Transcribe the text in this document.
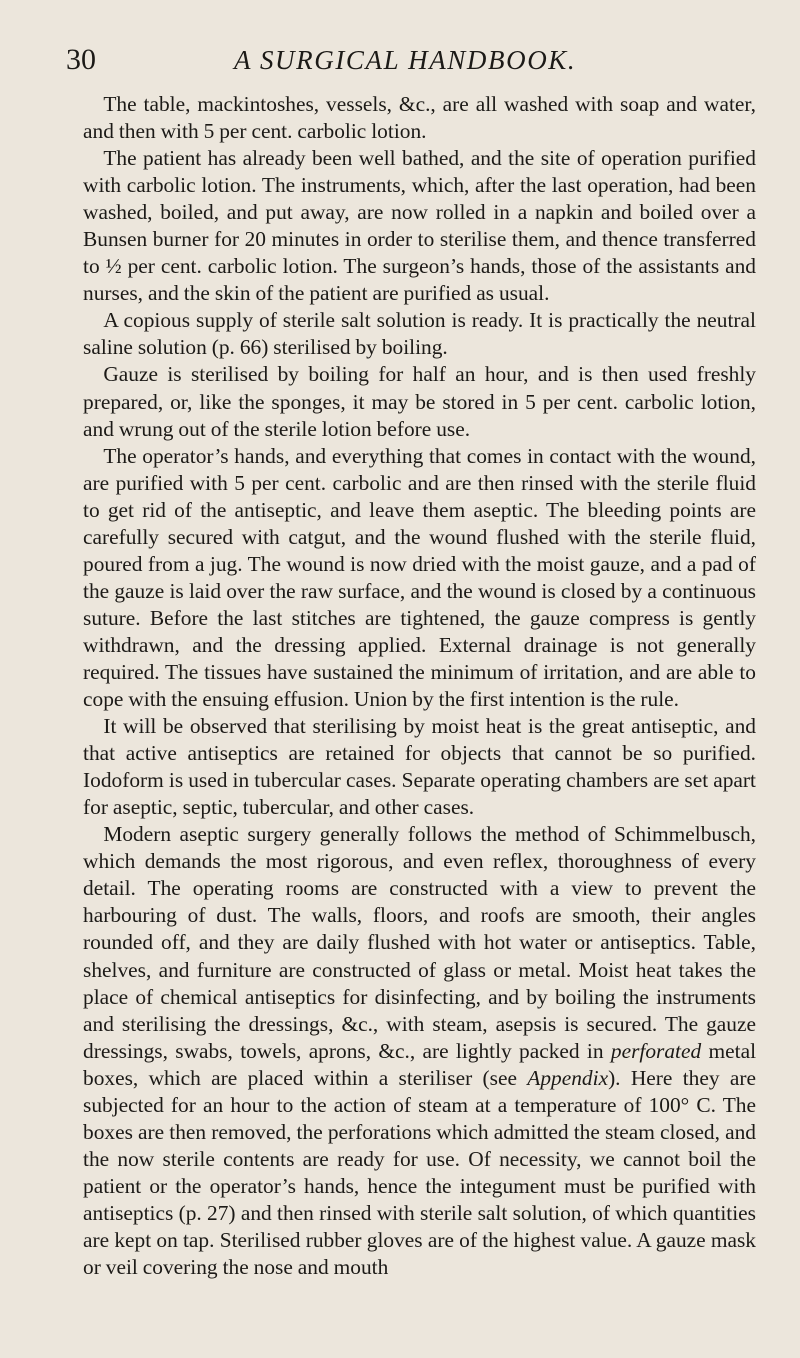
30	A SURGICAL HANDBOOK.

The table, mackintoshes, vessels, &c., are all washed with soap and water, and then with 5 per cent. carbolic lotion.

The patient has already been well bathed, and the site of operation purified with carbolic lotion. The instruments, which, after the last operation, had been washed, boiled, and put away, are now rolled in a napkin and boiled over a Bunsen burner for 20 minutes in order to sterilise them, and thence transferred to ½ per cent. carbolic lotion. The surgeon’s hands, those of the assistants and nurses, and the skin of the patient are purified as usual.

A copious supply of sterile salt solution is ready. It is practically the neutral saline solution (p. 66) sterilised by boiling.

Gauze is sterilised by boiling for half an hour, and is then used freshly prepared, or, like the sponges, it may be stored in 5 per cent. carbolic lotion, and wrung out of the sterile lotion before use.

The operator’s hands, and everything that comes in contact with the wound, are purified with 5 per cent. carbolic and are then rinsed with the sterile fluid to get rid of the antiseptic, and leave them aseptic. The bleeding points are carefully secured with catgut, and the wound flushed with the sterile fluid, poured from a jug. The wound is now dried with the moist gauze, and a pad of the gauze is laid over the raw surface, and the wound is closed by a continuous suture. Before the last stitches are tightened, the gauze compress is gently withdrawn, and the dressing applied. External drainage is not generally required. The tissues have sustained the minimum of irritation, and are able to cope with the ensuing effusion. Union by the first intention is the rule.

It will be observed that sterilising by moist heat is the great antiseptic, and that active antiseptics are retained for objects that cannot be so purified. Iodoform is used in tubercular cases. Separate operating chambers are set apart for aseptic, septic, tubercular, and other cases.

Modern aseptic surgery generally follows the method of Schimmelbusch, which demands the most rigorous, and even reflex, thoroughness of every detail. The operating rooms are constructed with a view to prevent the harbouring of dust. The walls, floors, and roofs are smooth, their angles rounded off, and they are daily flushed with hot water or antiseptics. Table, shelves, and furniture are constructed of glass or metal. Moist heat takes the place of chemical antiseptics for disinfecting, and by boiling the instruments and sterilising the dressings, &c., with steam, asepsis is secured. The gauze dressings, swabs, towels, aprons, &c., are lightly packed in perforated metal boxes, which are placed within a steriliser (see Appendix). Here they are subjected for an hour to the action of steam at a temperature of 100° C. The boxes are then removed, the perforations which admitted the steam closed, and the now sterile contents are ready for use. Of necessity, we cannot boil the patient or the operator’s hands, hence the integument must be purified with antiseptics (p. 27) and then rinsed with sterile salt solution, of which quantities are kept on tap. Sterilised rubber gloves are of the highest value. A gauze mask or veil covering the nose and mouth
